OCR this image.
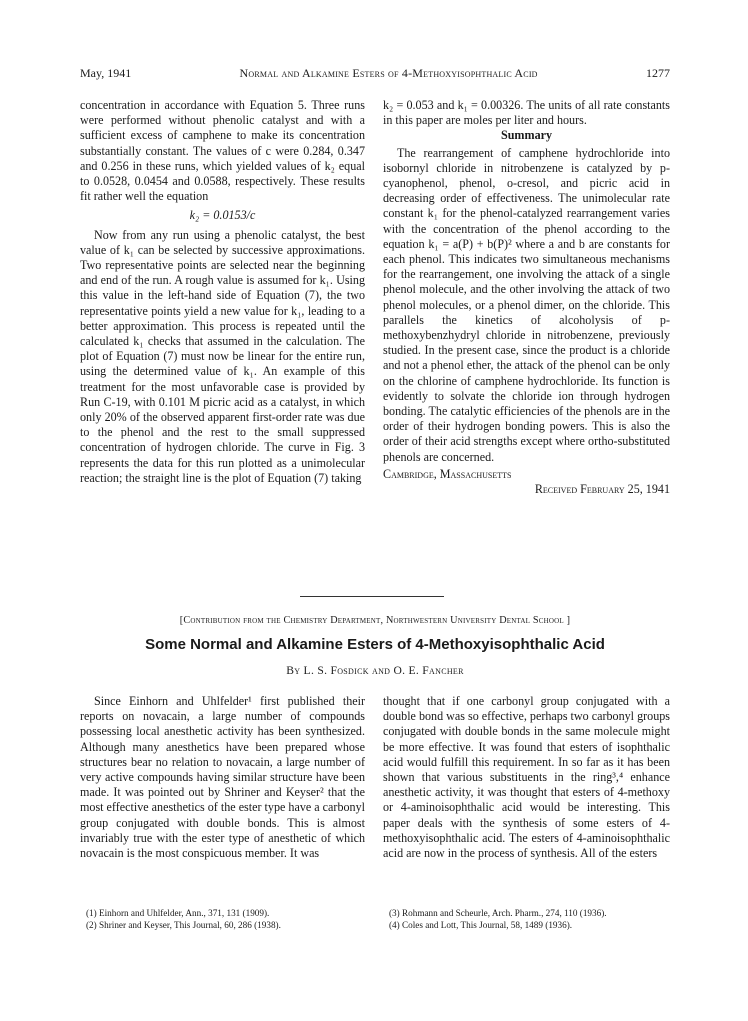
May, 1941	Normal and Alkamine Esters of 4-Methoxyisophthalic Acid	1277

concentration in accordance with Equation 5. Three runs were performed without phenolic catalyst and with a sufficient excess of camphene to make its concentration substantially constant. The values of c were 0.284, 0.347 and 0.256 in these runs, which yielded values of k₂ equal to 0.0528, 0.0454 and 0.0588, respectively. These results fit rather well the equation

k₂ = 0.0153/c

Now from any run using a phenolic catalyst, the best value of k₁ can be selected by successive approximations. Two representative points are selected near the beginning and end of the run. A rough value is assumed for k₁. Using this value in the left-hand side of Equation (7), the two representative points yield a new value for k₁, leading to a better approximation. This process is repeated until the calculated k₁ checks that assumed in the calculation. The plot of Equation (7) must now be linear for the entire run, using the determined value of k₁. An example of this treatment for the most unfavorable case is provided by Run C-19, with 0.101 M picric acid as a catalyst, in which only 20% of the observed apparent first-order rate was due to the phenol and the rest to the small suppressed concentration of hydrogen chloride. The curve in Fig. 3 represents the data for this run plotted as a unimolecular reaction; the straight line is the plot of Equation (7) taking

k₂ = 0.053 and k₁ = 0.00326. The units of all rate constants in this paper are moles per liter and hours.

Summary

The rearrangement of camphene hydrochloride into isobornyl chloride in nitrobenzene is catalyzed by p-cyanophenol, phenol, o-cresol, and picric acid in decreasing order of effectiveness. The unimolecular rate constant k₁ for the phenol-catalyzed rearrangement varies with the concentration of the phenol according to the equation k₁ = a(P) + b(P)² where a and b are constants for each phenol. This indicates two simultaneous mechanisms for the rearrangement, one involving the attack of a single phenol molecule, and the other involving the attack of two phenol molecules, or a phenol dimer, on the chloride. This parallels the kinetics of alcoholysis of p-methoxybenzhydryl chloride in nitrobenzene, previously studied. In the present case, since the product is a chloride and not a phenol ether, the attack of the phenol can be only on the chlorine of camphene hydrochloride. Its function is evidently to solvate the chloride ion through hydrogen bonding. The catalytic efficiencies of the phenols are in the order of their hydrogen bonding powers. This is also the order of their acid strengths except where ortho-substituted phenols are concerned.

Cambridge, Massachusetts
Received February 25, 1941
[Contribution from the Chemistry Department, Northwestern University Dental School ]
Some Normal and Alkamine Esters of 4-Methoxyisophthalic Acid
By L. S. Fosdick and O. E. Fancher

Since Einhorn and Uhlfelder¹ first published their reports on novacain, a large number of compounds possessing local anesthetic activity has been synthesized. Although many anesthetics have been prepared whose structures bear no relation to novacain, a large number of very active compounds having similar structure have been made. It was pointed out by Shriner and Keyser² that the most effective anesthetics of the ester type have a carbonyl group conjugated with double bonds. This is almost invariably true with the ester type of anesthetic of which novacain is the most conspicuous member. It was

thought that if one carbonyl group conjugated with a double bond was so effective, perhaps two carbonyl groups conjugated with double bonds in the same molecule might be more effective. It was found that esters of isophthalic acid would fulfill this requirement. In so far as it has been shown that various substituents in the ring³,⁴ enhance anesthetic activity, it was thought that esters of 4-methoxy or 4-aminoisophthalic acid would be interesting. This paper deals with the synthesis of some esters of 4-methoxyisophthalic acid. The esters of 4-aminoisophthalic acid are now in the process of synthesis. All of the esters

(1) Einhorn and Uhlfelder, Ann., 371, 131 (1909).
(2) Shriner and Keyser, This Journal, 60, 286 (1938).
(3) Rohmann and Scheurle, Arch. Pharm., 274, 110 (1936).
(4) Coles and Lott, This Journal, 58, 1489 (1936).
